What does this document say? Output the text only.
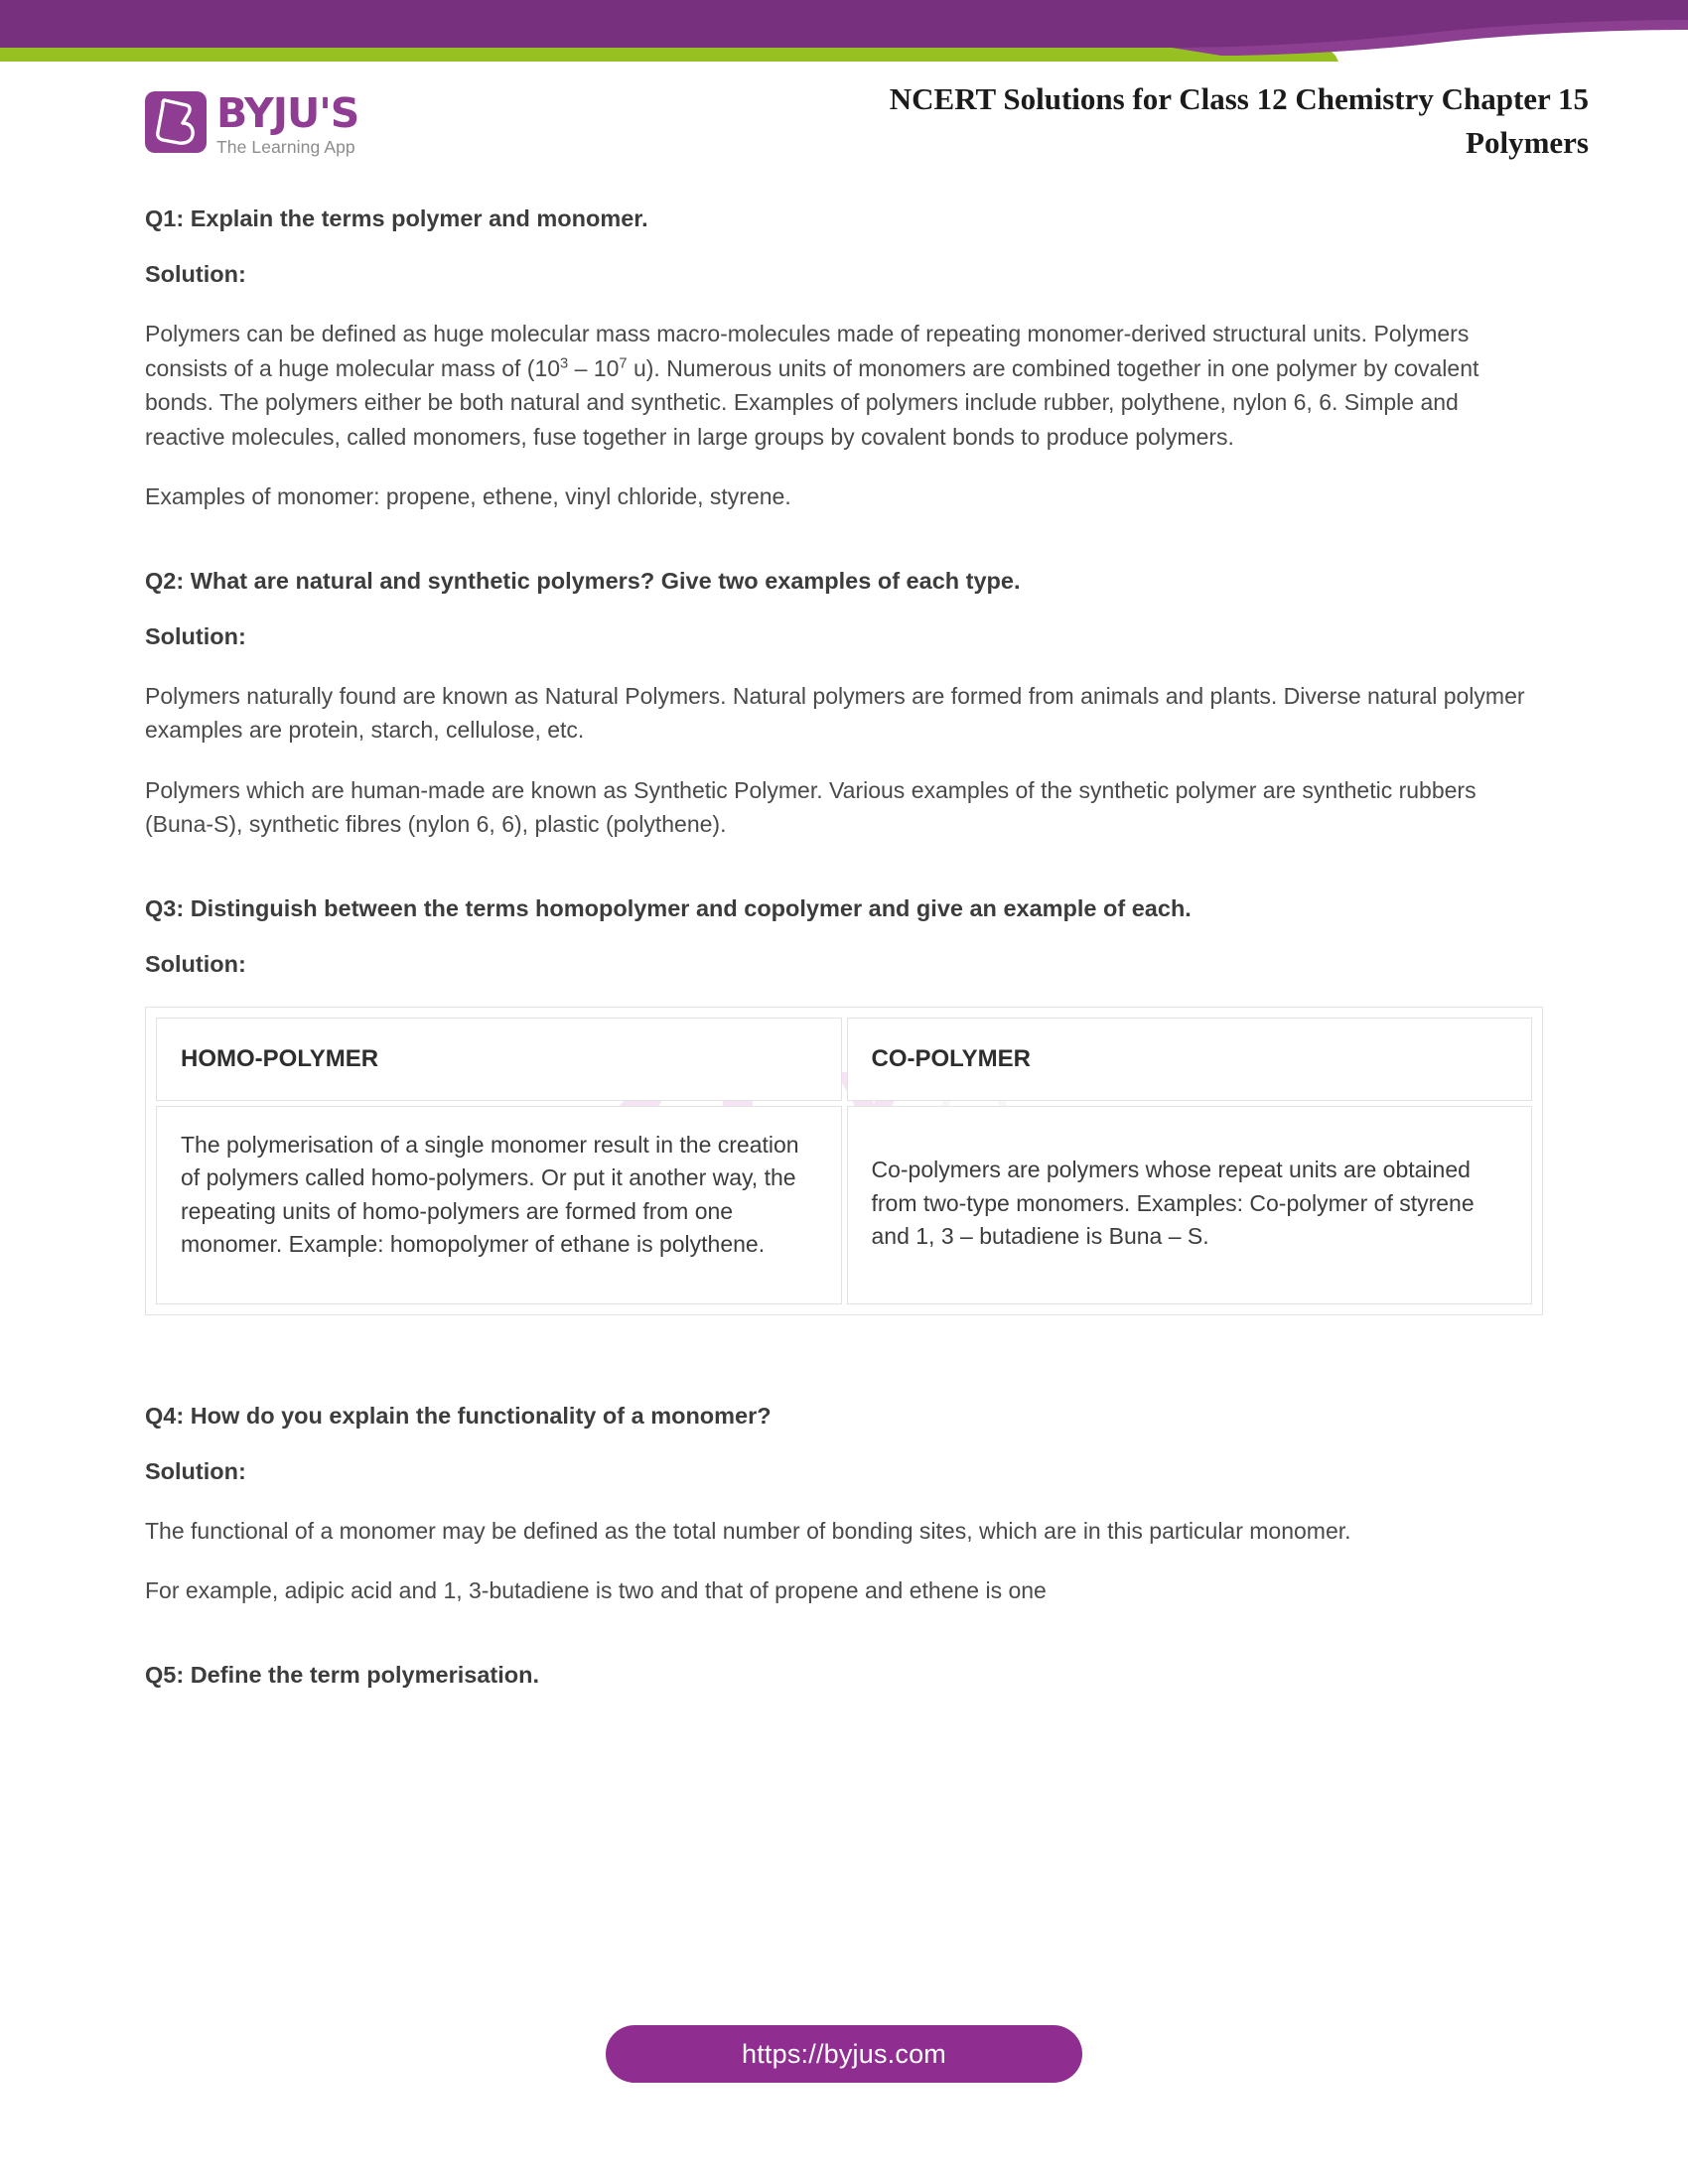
BYJU'S
The Learning App
NCERT Solutions for Class 12 Chemistry Chapter 15
Polymers

Q1: Explain the terms polymer and monomer.

Solution:

Polymers can be defined as huge molecular mass macro-molecules made of repeating monomer-derived structural units. Polymers consists of a huge molecular mass of ($10^3 - 10^7$ u). Numerous units of monomers are combined together in one polymer by covalent bonds. The polymers either be both natural and synthetic. Examples of polymers include rubber, polythene, nylon 6, 6. Simple and reactive molecules, called monomers, fuse together in large groups by covalent bonds to produce polymers.

Examples of monomer: propene, ethene, vinyl chloride, styrene.

Q2: What are natural and synthetic polymers? Give two examples of each type.

Solution:

Polymers naturally found are known as Natural Polymers. Natural polymers are formed from animals and plants. Diverse natural polymer examples are protein, starch, cellulose, etc.

Polymers which are human-made are known as Synthetic Polymer. Various examples of the synthetic polymer are synthetic rubbers (Buna-S), synthetic fibres (nylon 6, 6), plastic (polythene).

Q3: Distinguish between the terms homopolymer and copolymer and give an example of each.

Solution:

HOMO-POLYMER	CO-POLYMER
The polymerisation of a single monomer result in the creation of polymers called homo-polymers. Or put it another way, the repeating units of homo-polymers are formed from one monomer. Example: homopolymer of ethane is polythene.	Co-polymers are polymers whose repeat units are obtained from two-type monomers. Examples: Co-polymer of styrene and 1, 3 – butadiene is Buna – S.

Q4: How do you explain the functionality of a monomer?

Solution:

The functional of a monomer may be defined as the total number of bonding sites, which are in this particular monomer.

For example, adipic acid and 1, 3-butadiene is two and that of propene and ethene is one

Q5: Define the term polymerisation.

https://byjus.com
